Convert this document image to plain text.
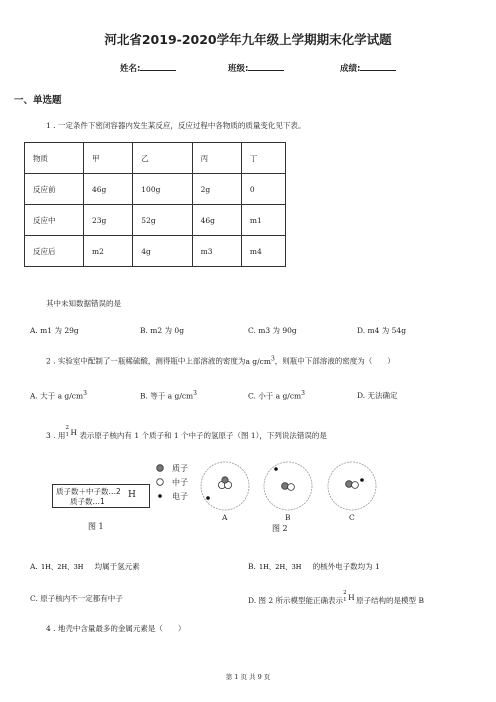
河北省2019-2020学年九年级上学期期末化学试题
姓名:	班级:	成绩:
一、单选题
1 . 一定条件下密闭容器内发生某反应，反应过程中各物质的质量变化见下表。
物质	甲	乙	丙	丁
反应前	46g	100g	2g	0
反应中	23g	52g	46g	m1
反应后	m2	4g	m3	m4
其中未知数据错误的是
A. m1 为 29g	B. m2 为 0g	C. m3 为 90g	D. m4 为 54g
2 . 实验室中配制了一瓶稀硫酸，测得瓶中上部溶液的密度为a $g/cm^3$，则瓶中下部溶液的密度为（　　）
A. 大于 a $g/cm^3$	B. 等于 a $g/cm^3$	C. 小于 a $g/cm^3$	D. 无法确定
3 . 用
2
1 H 表示原子核内有 1 个质子和 1 个中子的氢原子（图 1），下列说法错误的是
质子数＋中子数…2
质子数…1
H
图 1
质子
中子
电子
A	B	C
图 2
A. 1H、2H、3H 均属于氢元素	B. 1H、2H、3H 的核外电子数均为 1
C. 原子核内不一定都有中子	D. 图 2 所示模型能正确表示
2
1 H 原子结构的是模型 B
4 . 地壳中含量最多的金属元素是（　　）
第 1 页 共 9 页
